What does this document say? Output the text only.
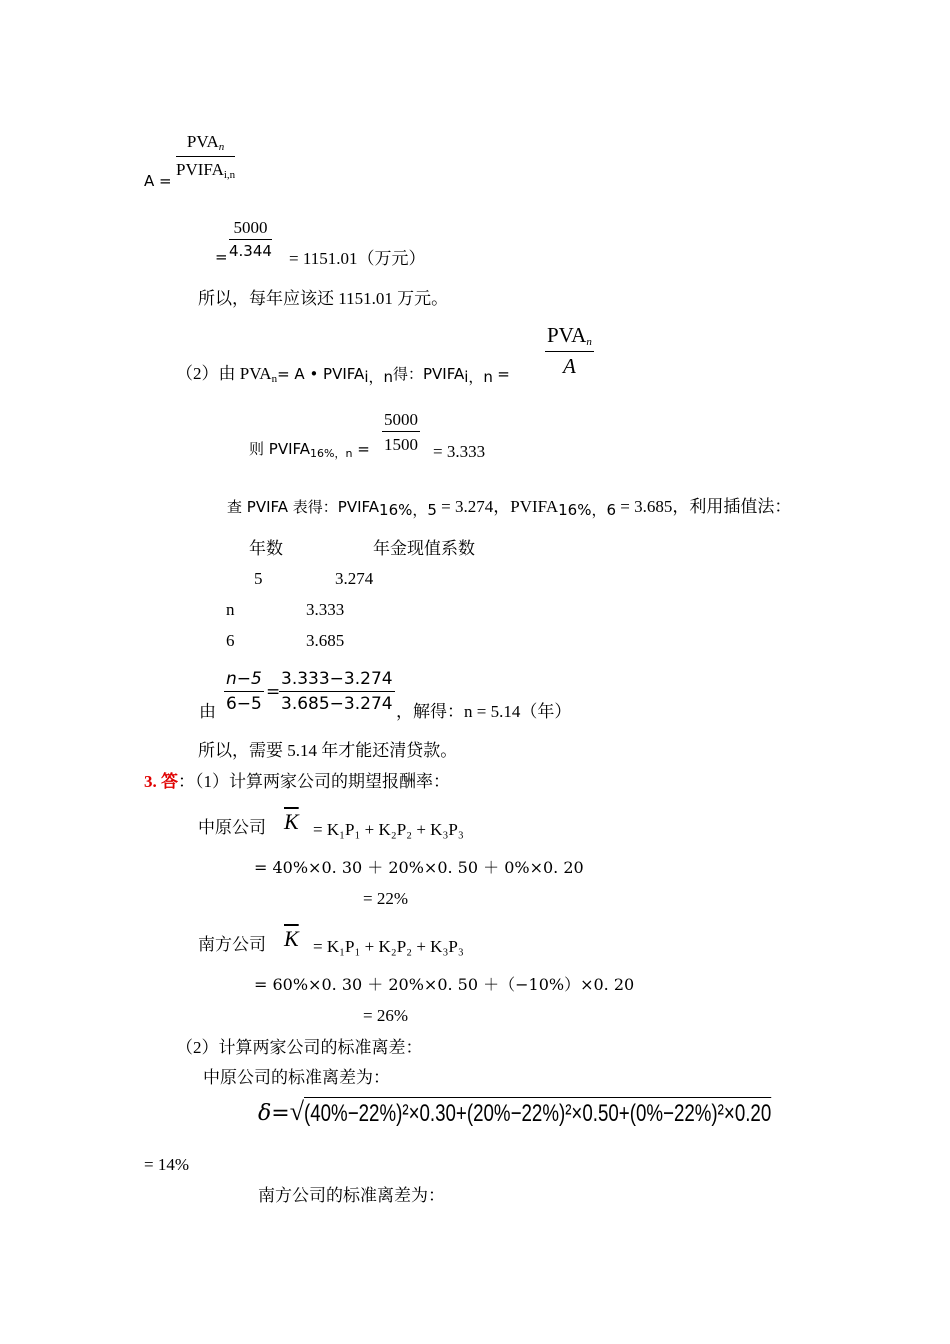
$PVA_n$
$PVIFA_{i,n}$
A =
= $\frac{5000}{4.344} = 1151.01$（万元）
所以，每年应该还 1151.01 万元。
（2）由 $PVA_n= A$ • $PVIFA_{i,n}$得：$PVIFA_{i,n}$ =
$PVA_n$
A
则 $PVIFA_{16\%,n} = \frac{5000}{1500} = 3.333$
查 PVIFA 表得：$PVIFA_{16\%,5} = 3.274$，$PVIFA_{16\%,6} = 3.685$，利用插值法：
年数	年金现值系数
5	3.274
n	3.333
6	3.685
由 $\frac{n-5}{6-5}$ =
$\frac{3.333-3.274}{3.685-3.274}$ ，解得：n = 5.14（年）
所以，需要 5.14 年才能还清贷款。
3. 答：（1）计算两家公司的期望报酬率：
中原公司 $\overline{K} = K_1P_1 + K_2P_2 + K_3P_3$
= 40%×0. 30 ＋ 20%×0. 50 ＋ 0%×0. 20
= 22%
南方公司 $\overline{K} = K_1P_1 + K_2P_2 + K_3P_3$
= 60%×0. 30 ＋ 20%×0. 50 ＋（−10%）×0. 20
= 26%
（2）计算两家公司的标准离差：
中原公司的标准离差为：
δ=√(40%−22%)²×0.30+(20%−22%)²×0.50+(0%−22%)²×0.20
= 14%
南方公司的标准离差为：
